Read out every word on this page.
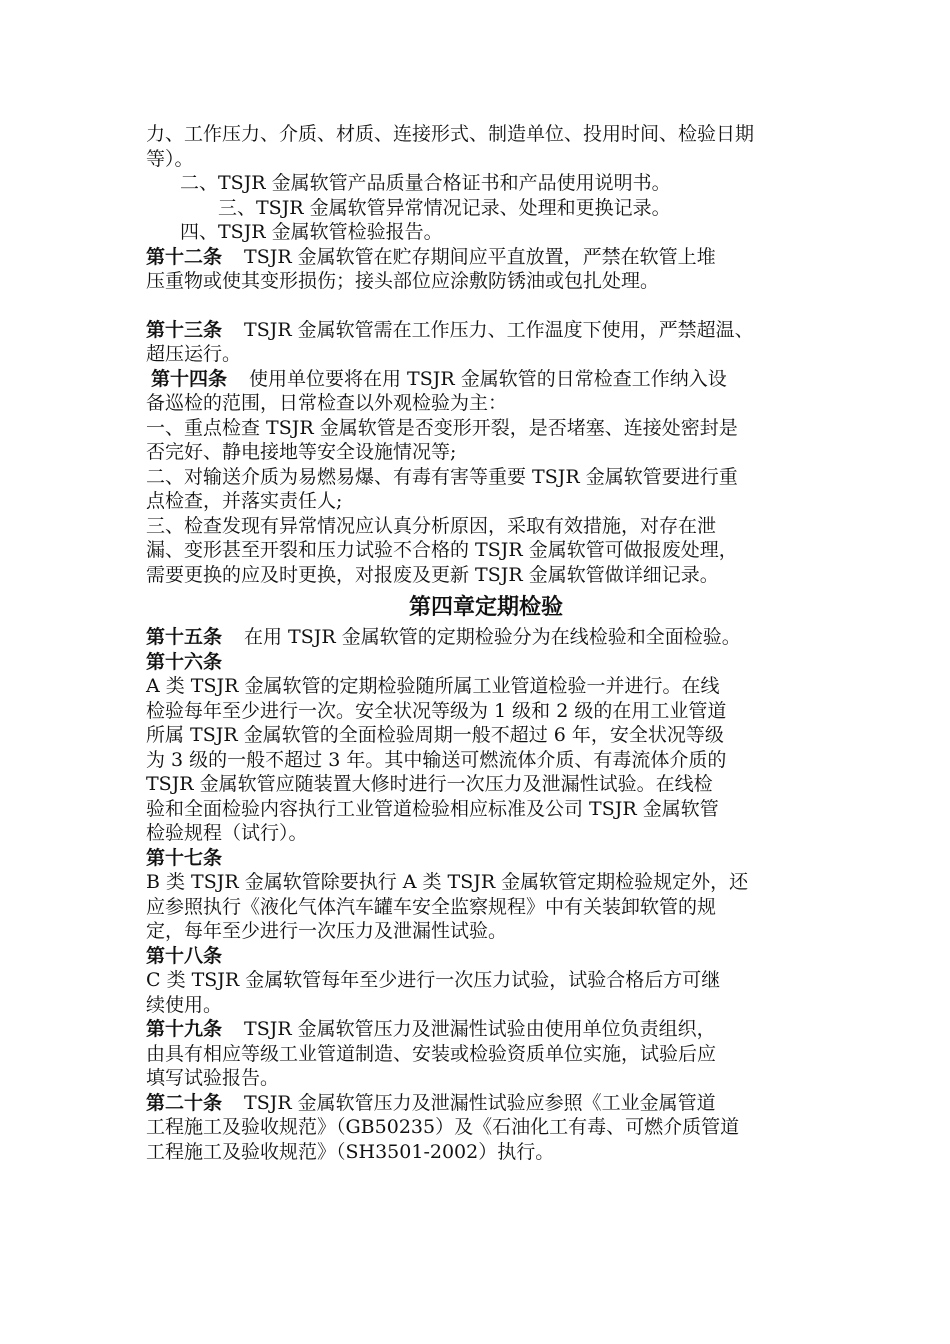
力、工作压力、介质、材质、连接形式、制造单位、投用时间、检验日期
等）。
二、TSJR 金属软管产品质量合格证书和产品使用说明书。
三、TSJR 金属软管异常情况记录、处理和更换记录。
四、TSJR 金属软管检验报告。
第十二条 TSJR 金属软管在贮存期间应平直放置，严禁在软管上堆
压重物或使其变形损伤；接头部位应涂敷防锈油或包扎处理。
第十三条 TSJR 金属软管需在工作压力、工作温度下使用，严禁超温、
超压运行。
第十四条 使用单位要将在用 TSJR 金属软管的日常检查工作纳入设
备巡检的范围，日常检查以外观检验为主：
一、重点检查 TSJR 金属软管是否变形开裂，是否堵塞、连接处密封是
否完好、静电接地等安全设施情况等;
二、对输送介质为易燃易爆、有毒有害等重要 TSJR 金属软管要进行重
点检查，并落实责任人;
三、检查发现有异常情况应认真分析原因，采取有效措施，对存在泄
漏、变形甚至开裂和压力试验不合格的 TSJR 金属软管可做报废处理，
需要更换的应及时更换，对报废及更新 TSJR 金属软管做详细记录。
第四章定期检验
第十五条 在用 TSJR 金属软管的定期检验分为在线检验和全面检验。
第十六条
A 类 TSJR 金属软管的定期检验随所属工业管道检验一并进行。在线
检验每年至少进行一次。安全状况等级为 1 级和 2 级的在用工业管道
所属 TSJR 金属软管的全面检验周期一般不超过 6 年，安全状况等级
为 3 级的一般不超过 3 年。其中输送可燃流体介质、有毒流体介质的
TSJR 金属软管应随装置大修时进行一次压力及泄漏性试验。在线检
验和全面检验内容执行工业管道检验相应标准及公司 TSJR 金属软管
检验规程（试行）。
第十七条
B 类 TSJR 金属软管除要执行 A 类 TSJR 金属软管定期检验规定外，还
应参照执行《液化气体汽车罐车安全监察规程》中有关装卸软管的规
定，每年至少进行一次压力及泄漏性试验。
第十八条
C 类 TSJR 金属软管每年至少进行一次压力试验，试验合格后方可继
续使用。
第十九条 TSJR 金属软管压力及泄漏性试验由使用单位负责组织，
由具有相应等级工业管道制造、安装或检验资质单位实施，试验后应
填写试验报告。
第二十条 TSJR 金属软管压力及泄漏性试验应参照《工业金属管道
工程施工及验收规范》（GB50235）及《石油化工有毒、可燃介质管道
工程施工及验收规范》（SH3501-2002）执行。
